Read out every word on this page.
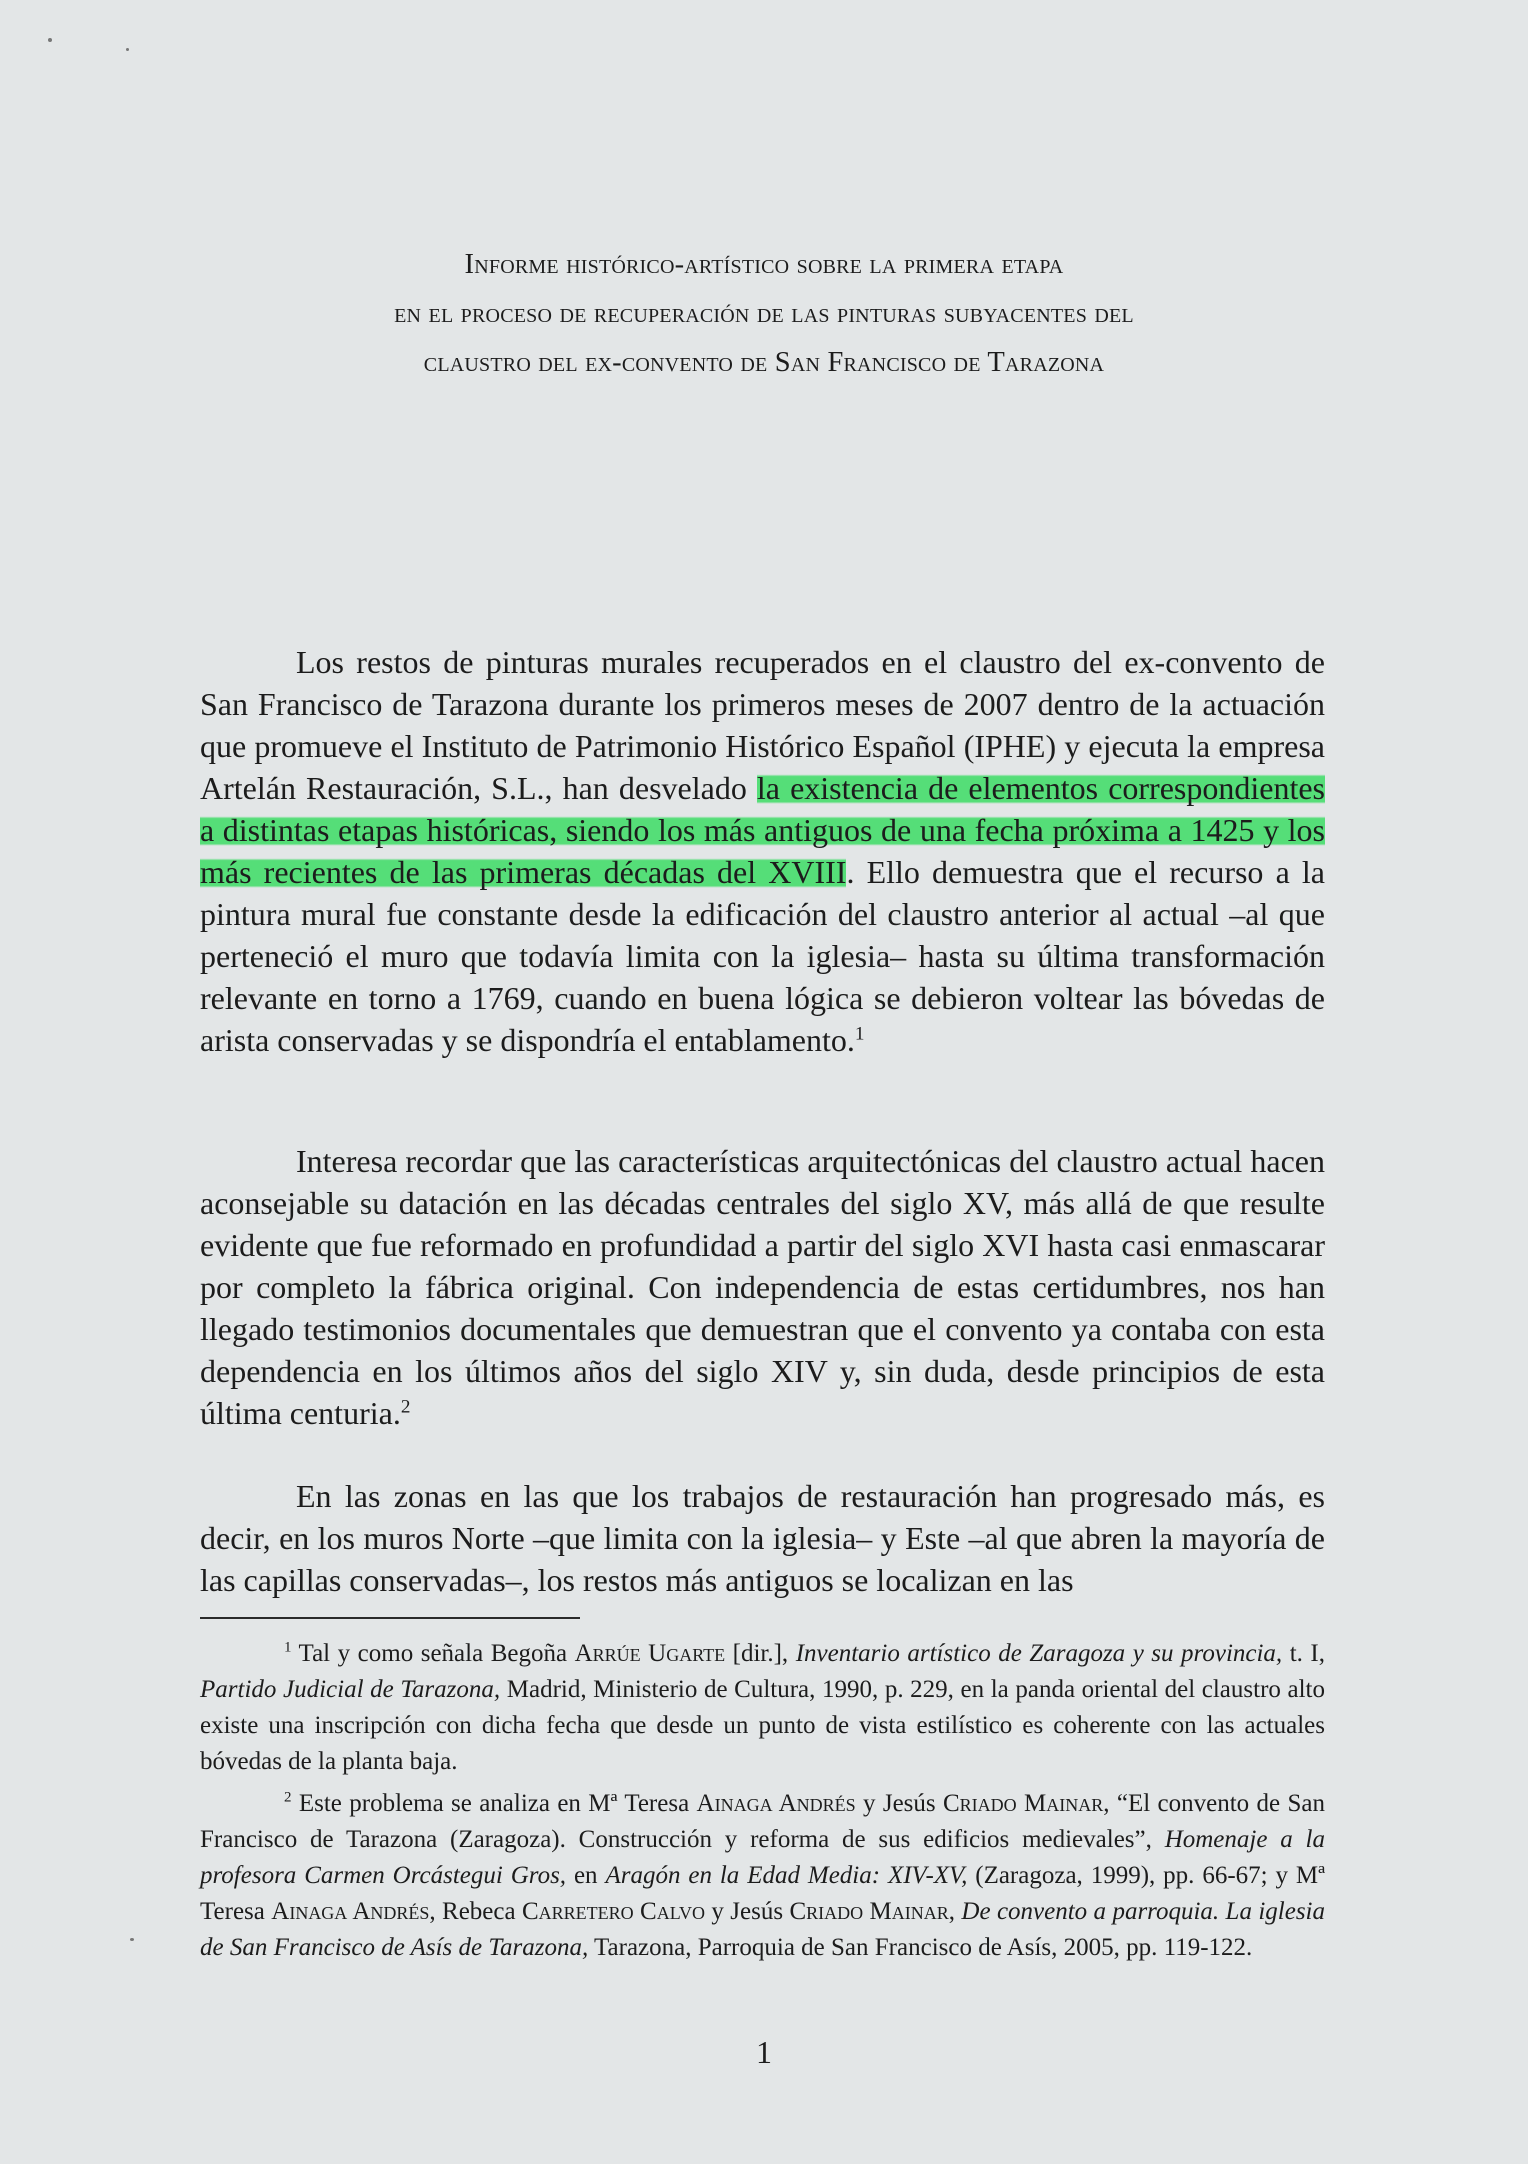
Informe histórico-artístico sobre la primera etapa
en el proceso de recuperación de las pinturas subyacentes del
claustro del ex-convento de San Francisco de Tarazona

Los restos de pinturas murales recuperados en el claustro del ex-convento de San Francisco de Tarazona durante los primeros meses de 2007 dentro de la actuación que promueve el Instituto de Patrimonio Histórico Español (IPHE) y ejecuta la empresa Artelán Restauración, S.L., han desvelado la existencia de elementos correspondientes a distintas etapas históricas, siendo los más antiguos de una fecha próxima a 1425 y los más recientes de las primeras décadas del XVIII. Ello demuestra que el recurso a la pintura mural fue constante desde la edificación del claustro anterior al actual –al que perteneció el muro que todavía limita con la iglesia– hasta su última transformación relevante en torno a 1769, cuando en buena lógica se debieron voltear las bóvedas de arista conservadas y se dispondría el entablamento.$^1$

Interesa recordar que las características arquitectónicas del claustro actual hacen aconsejable su datación en las décadas centrales del siglo XV, más allá de que resulte evidente que fue reformado en profundidad a partir del siglo XVI hasta casi enmascarar por completo la fábrica original. Con independencia de estas certidumbres, nos han llegado testimonios documentales que demuestran que el convento ya contaba con esta dependencia en los últimos años del siglo XIV y, sin duda, desde principios de esta última centuria.$^2$

En las zonas en las que los trabajos de restauración han progresado más, es decir, en los muros Norte –que limita con la iglesia– y Este –al que abren la mayoría de las capillas conservadas–, los restos más antiguos se localizan en las

$^1$ Tal y como señala Begoña Arrúe Ugarte [dir.], Inventario artístico de Zaragoza y su provincia, t. I, Partido Judicial de Tarazona, Madrid, Ministerio de Cultura, 1990, p. 229, en la panda oriental del claustro alto existe una inscripción con dicha fecha que desde un punto de vista estilístico es coherente con las actuales bóvedas de la planta baja.

$^2$ Este problema se analiza en Mª Teresa Ainaga Andrés y Jesús Criado Mainar, “El convento de San Francisco de Tarazona (Zaragoza). Construcción y reforma de sus edificios medievales”, Homenaje a la profesora Carmen Orcástegui Gros, en Aragón en la Edad Media: XIV-XV, (Zaragoza, 1999), pp. 66-67; y Mª Teresa Ainaga Andrés, Rebeca Carretero Calvo y Jesús Criado Mainar, De convento a parroquia. La iglesia de San Francisco de Asís de Tarazona, Tarazona, Parroquia de San Francisco de Asís, 2005, pp. 119-122.

1
